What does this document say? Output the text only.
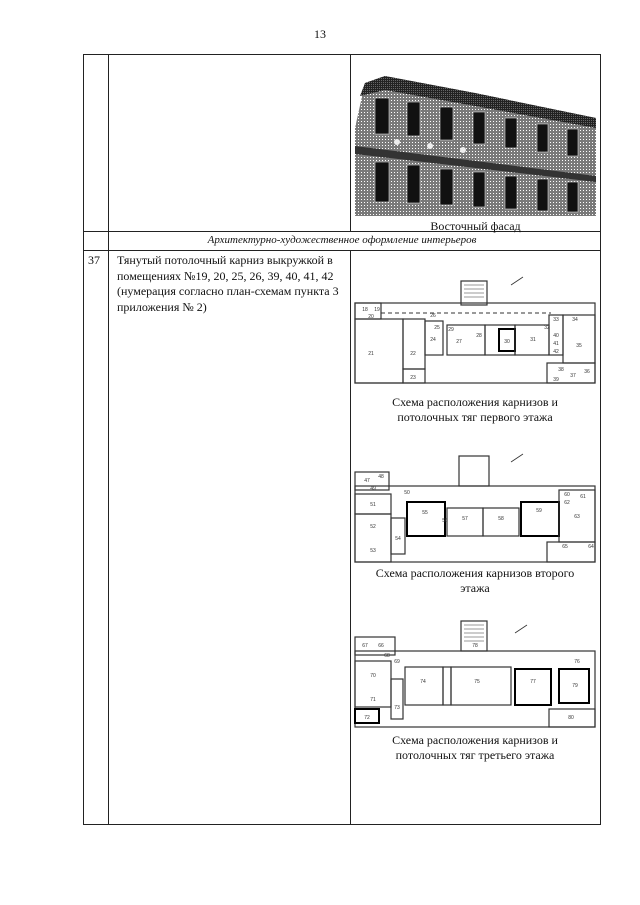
13
Восточный фасад
Архитектурно-художественное оформление интерьеров
37 Тянутый потолочный карниз выкружкой в помещениях №19, 20, 25, 26, 39, 40, 41, 42 (нумерация согласно план-схемам пункта 3 приложения № 2)	18 19
20
21	22
23
24
25
26
27
28
29
30	31
32
33	34
35
36
37
38
39
40
41
42
Схема расположения карнизов и
потолочных тяг первого этажа
47
48
49
50
51
52
53
54
55
56	57	58
59
60 61
62
63
64
65
Схема расположения карнизов второго
этажа
66
67
68
69
70
71
72
73
74	75
76
77
78
79
80
Схема расположения карнизов и
потолочных тяг третьего этажа
